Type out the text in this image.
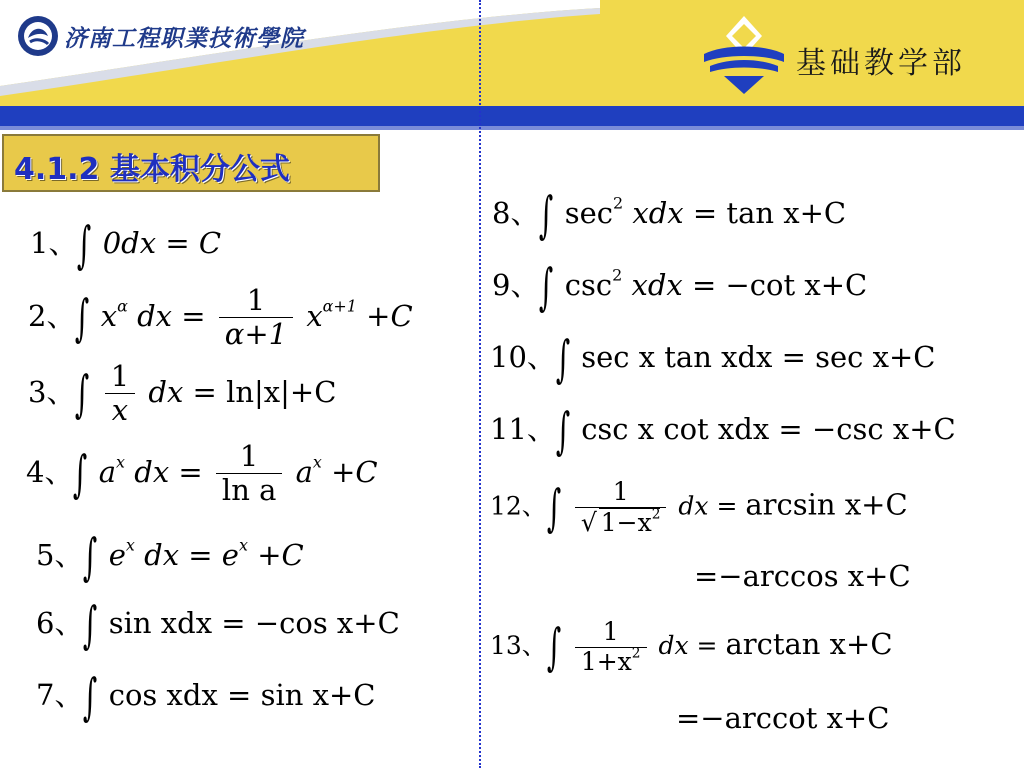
济南工程职業技術學院
基础教学部
4.1.2 基本积分公式
1、∫ 0dx = C
2、∫ $x^\alpha$ dx = $\frac{1}{\alpha+1} x^{\alpha+1} +C$
3、∫ $\frac{1}{x}$ dx = ln|x|+C
4、∫ $a^x$ dx = $\frac{1}{\text{ln a}} a^x +C$
5、∫ $e^x$ dx = $e^x +C$
6、∫ sin xdx = −cos x+C
7、∫ cos xdx = sin x+C
8、∫ $\sec^2$ xdx = tan x+C
9、∫ $\csc^2$ xdx = −cot x+C
10、∫ sec x tan xdx = sec x+C
11、∫ csc x cot xdx = −csc x+C
12、∫ $\frac{1}{√ 1-x^2}$ dx = arcsin x+C
=−arccos x+C
13、∫ $\frac{1}{1+x^2}$ dx = arctan x+C
=−arccot x+C
